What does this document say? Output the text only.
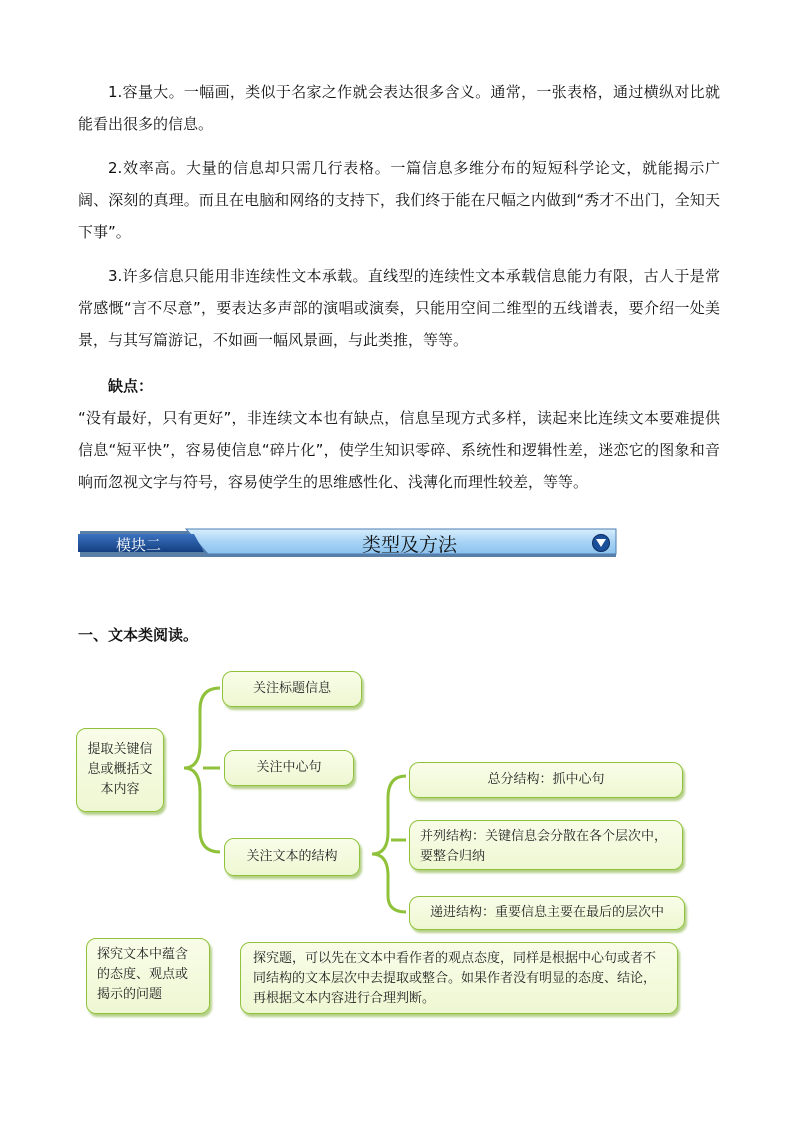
1.容量大。一幅画，类似于名家之作就会表达很多含义。通常，一张表格，通过横纵对比就能看出很多的信息。

2.效率高。大量的信息却只需几行表格。一篇信息多维分布的短短科学论文，就能揭示广阔、深刻的真理。而且在电脑和网络的支持下，我们终于能在尺幅之内做到“秀才不出门，全知天下事”。

3.许多信息只能用非连续性文本承载。直线型的连续性文本承载信息能力有限，古人于是常常感慨“言不尽意”，要表达多声部的演唱或演奏，只能用空间二维型的五线谱表，要介绍一处美景，与其写篇游记，不如画一幅风景画，与此类推，等等。

缺点：

“没有最好，只有更好”，非连续文本也有缺点，信息呈现方式多样，读起来比连续文本要难提供信息“短平快”，容易使信息“碎片化”，使学生知识零碎、系统性和逻辑性差，迷恋它的图象和音响而忽视文字与符号，容易使学生的思维感性化、浅薄化而理性较差，等等。

模块二	类型及方法
一、文本类阅读。
提取关键信息或概括文本内容
关注标题信息
关注中心句
关注文本的结构
总分结构：抓中心句
并列结构：关键信息会分散在各个层次中，要整合归纳
递进结构：重要信息主要在最后的层次中
探究文本中蕴含的态度、观点或揭示的问题
探究题，可以先在文本中看作者的观点态度，同样是根据中心句或者不同结构的文本层次中去提取或整合。如果作者没有明显的态度、结论，再根据文本内容进行合理判断。
